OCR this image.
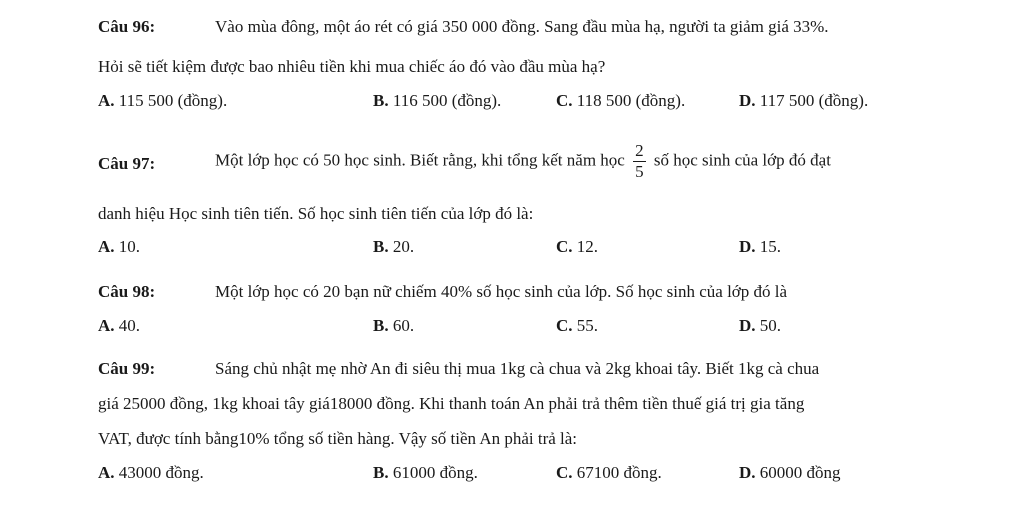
Câu 96:	Vào mùa đông, một áo rét có giá 350 000 đồng. Sang đầu mùa hạ, người ta giảm giá 33%.
Hỏi sẽ tiết kiệm được bao nhiêu tiền khi mua chiếc áo đó vào đầu mùa hạ?
A. 115 500 (đồng).	B. 116 500 (đồng).	C. 118 500 (đồng).	D. 117 500 (đồng).
Câu 97:	Một lớp học có 50 học sinh. Biết rằng, khi tổng kết năm học $\frac{2}{5}$ số học sinh của lớp đó đạt
danh hiệu Học sinh tiên tiến. Số học sinh tiên tiến của lớp đó là:
A. 10.	B. 20.	C. 12.	D. 15.
Câu 98:	Một lớp học có 20 bạn nữ chiếm 40% số học sinh của lớp. Số học sinh của lớp đó là
A. 40.	B. 60.	C. 55.	D. 50.
Câu 99:	Sáng chủ nhật mẹ nhờ An đi siêu thị mua 1kg cà chua và 2kg khoai tây. Biết 1kg cà chua
giá 25000 đồng, 1kg khoai tây giá18000 đồng. Khi thanh toán An phải trả thêm tiền thuế giá trị gia tăng
VAT, được tính bằng10% tổng số tiền hàng. Vậy số tiền An phải trả là:
A. 43000 đồng.	B. 61000 đồng.	C. 67100 đồng.	D. 60000 đồng
